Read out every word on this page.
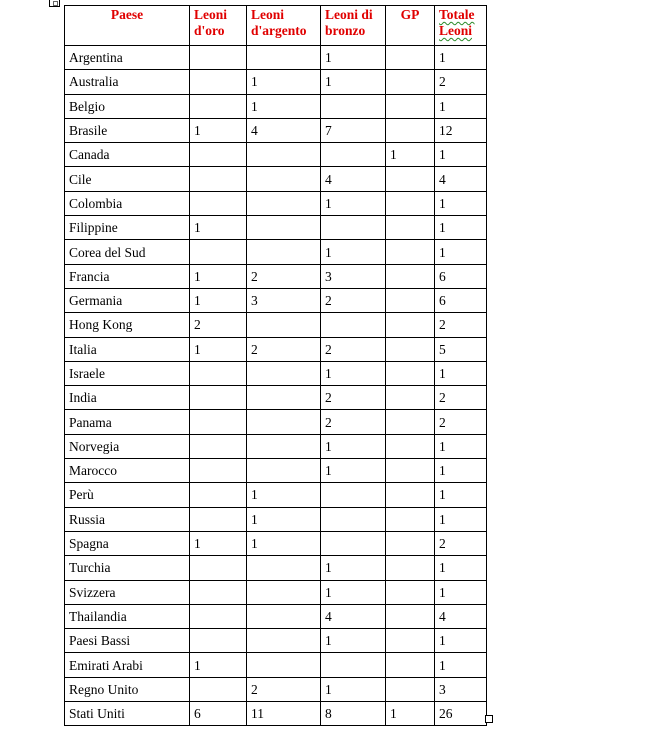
Paese	Leoni d'oro	Leoni d'argento	Leoni di bronzo	GP	Totale Leoni
Argentina			1		1
Australia		1	1		2
Belgio		1			1
Brasile	1	4	7		12
Canada				1	1
Cile			4		4
Colombia			1		1
Filippine	1				1
Corea del Sud			1		1
Francia	1	2	3		6
Germania	1	3	2		6
Hong Kong	2				2
Italia	1	2	2		5
Israele			1		1
India			2		2
Panama			2		2
Norvegia			1		1
Marocco			1		1
Perù		1			1
Russia		1			1
Spagna	1	1			2
Turchia			1		1
Svizzera			1		1
Thailandia			4		4
Paesi Bassi			1		1
Emirati Arabi	1				1
Regno Unito		2	1		3
Stati Uniti	6	11	8	1	26
